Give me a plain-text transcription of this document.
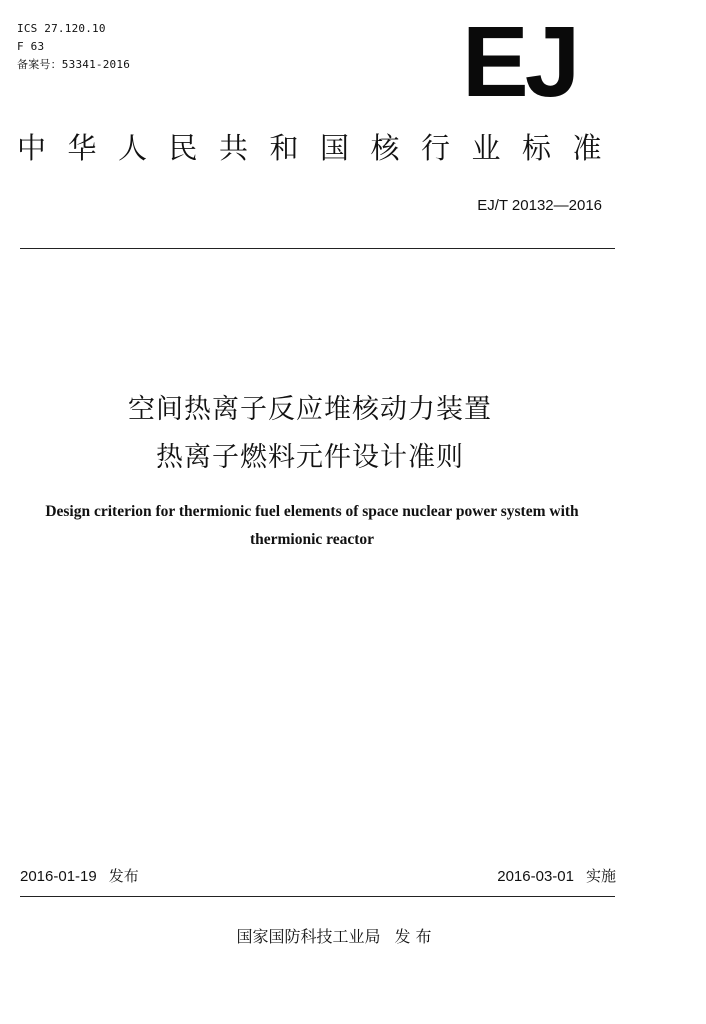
ICS 27.120.10
F 63
备案号：53341-2016	EJ
中华人民共和国核行业标准
EJ/T 20132—2016
空间热离子反应堆核动力装置
热离子燃料元件设计准则
Design criterion for thermionic fuel elements of space nuclear power system with
thermionic reactor
2016-01-19 发布	2016-03-01 实施
国家国防科技工业局 发 布
